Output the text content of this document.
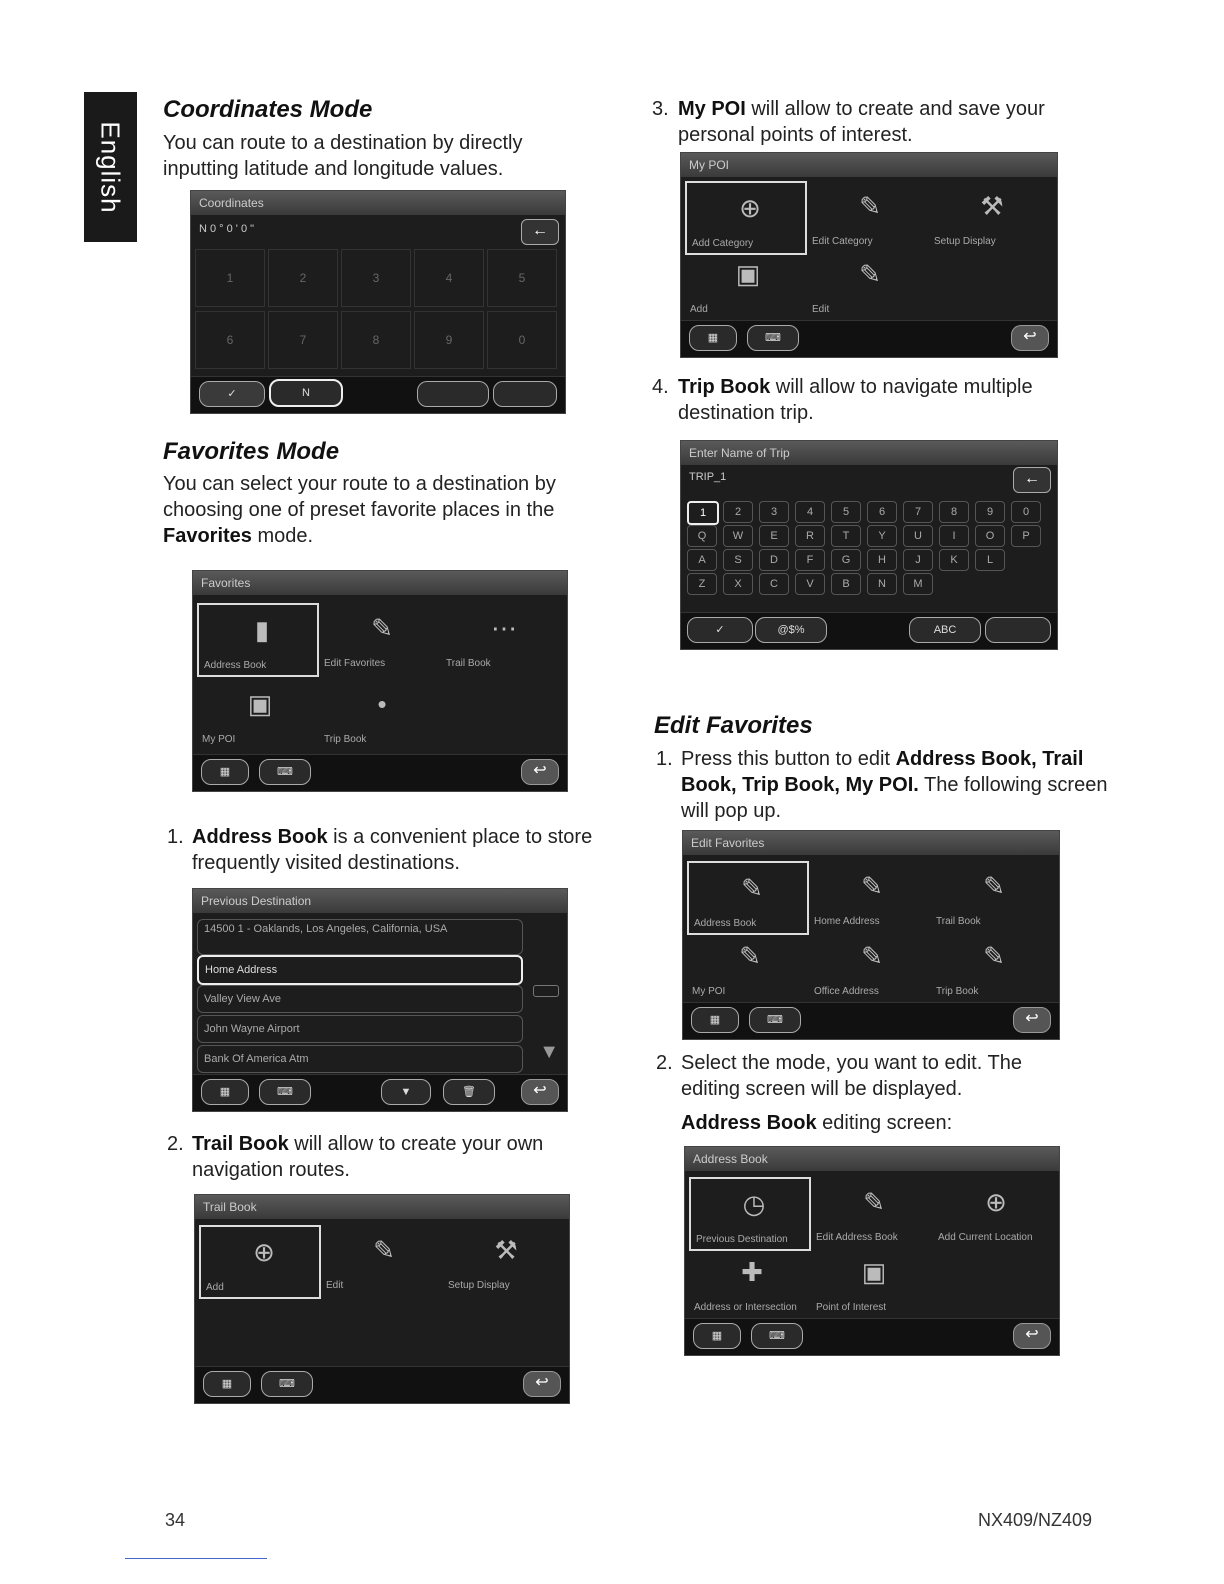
English
Coordinates Mode

You can route to a destination by directly inputting latitude and longitude values.

Coordinates
N 0 ° 0 ' 0 "	←
1	2	3	4	5
6	7	8	9	0
✓	N
Favorites Mode

You can select your route to a destination by choosing one of preset favorite places in the Favorites mode.

Favorites
▮
Address Book
✎
Edit Favorites
⋯
Trail Book
▣
My POI
•
Trip Book
▦	⌨	↩

1. Address Book is a convenient place to store frequently visited destinations.

Previous Destination
14500 1 - Oaklands, Los Angeles, California, USA
Home Address
Valley View Ave
John Wayne Airport
Bank Of America Atm	▼
▦	⌨	▼	🗑	↩

2. Trail Book will allow to create your own navigation routes.

Trail Book
⊕
Add
✎
Edit
⚒
Setup Display
▦	⌨	↩

3. My POI will allow to create and save your personal points of interest.

My POI
⊕
Add Category
✎
Edit Category
⚒
Setup Display
▣
Add
✎
Edit
▦	⌨	↩

4. Trip Book will allow to navigate multiple destination trip.

Enter Name of Trip
TRIP_1	←
1	2	3	4	5	6	7	8	9	0
Q	W	E	R	T	Y	U	I	O	P
A	S	D	F	G	H	J	K	L
Z	X	C	V	B	N	M
✓	@$%	ABC
Edit Favorites

1. Press this button to edit Address Book, Trail Book, Trip Book, My POI. The following screen will pop up.

Edit Favorites
✎
Address Book
✎
Home Address
✎
Trail Book
✎
My POI
✎
Office Address
✎
Trip Book
▦	⌨	↩

2. Select the mode, you want to edit. The editing screen will be displayed.

Address Book editing screen:

Address Book
◷
Previous Destination
✎
Edit Address Book
⊕
Add Current Location
✚
Address or Intersection
▣
Point of Interest
▦	⌨	↩
34	NX409/NZ409
